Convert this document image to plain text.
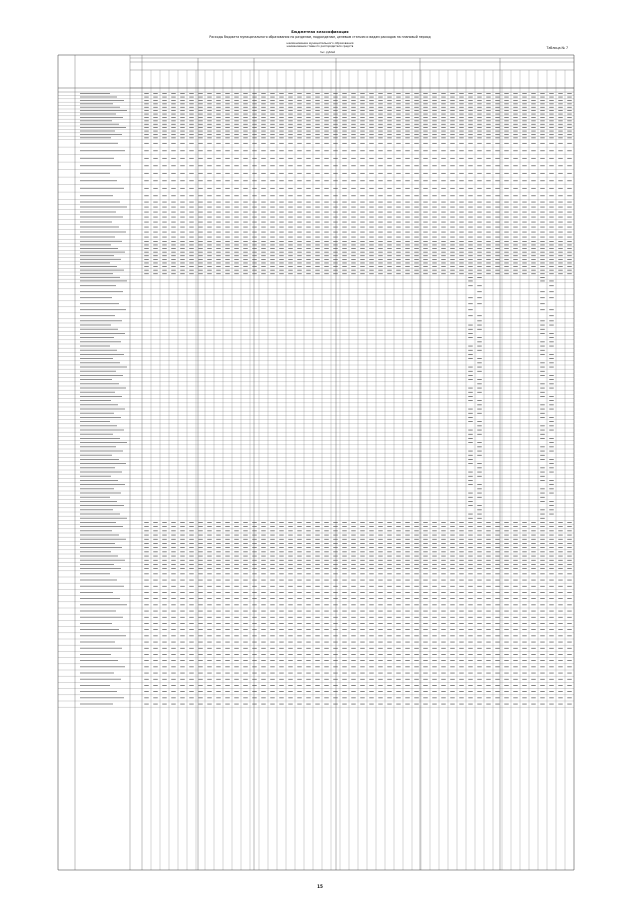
Бюджетная классификация
Расходы бюджета муниципального образования по разделам, подразделам, целевым статьям и видам расходов на плановый период
наименование муниципального образования
наименование главного распорядителя средств	Таблица № 7
тыс. рублей
15
